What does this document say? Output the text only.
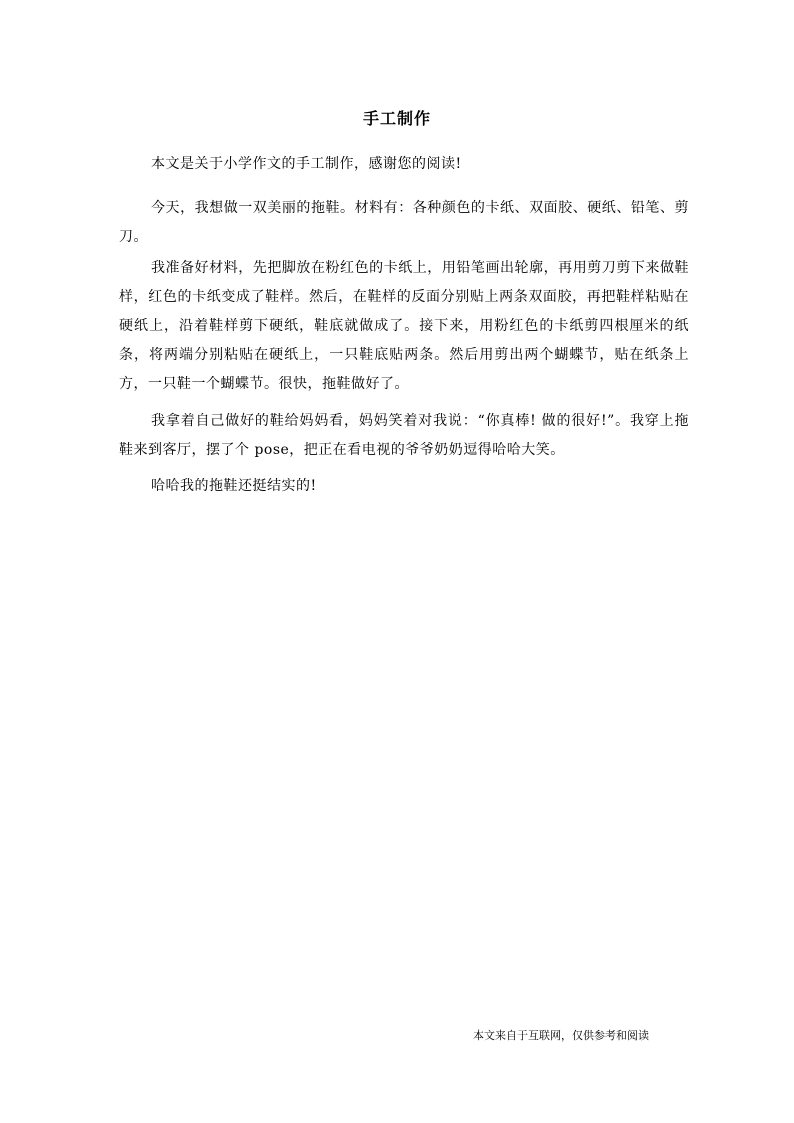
手工制作

本文是关于小学作文的手工制作，感谢您的阅读!

今天，我想做一双美丽的拖鞋。材料有：各种颜色的卡纸、双面胶、硬纸、铅笔、剪刀。

我准备好材料，先把脚放在粉红色的卡纸上，用铅笔画出轮廓，再用剪刀剪下来做鞋样，红色的卡纸变成了鞋样。然后，在鞋样的反面分别贴上两条双面胶，再把鞋样粘贴在硬纸上，沿着鞋样剪下硬纸，鞋底就做成了。接下来，用粉红色的卡纸剪四根厘米的纸条，将两端分别粘贴在硬纸上，一只鞋底贴两条。然后用剪出两个蝴蝶节，贴在纸条上方，一只鞋一个蝴蝶节。很快，拖鞋做好了。

我拿着自己做好的鞋给妈妈看，妈妈笑着对我说：“你真棒! 做的很好!”。我穿上拖鞋来到客厅，摆了个 pose，把正在看电视的爷爷奶奶逗得哈哈大笑。

哈哈我的拖鞋还挺结实的!

本文来自于互联网，仅供参考和阅读
